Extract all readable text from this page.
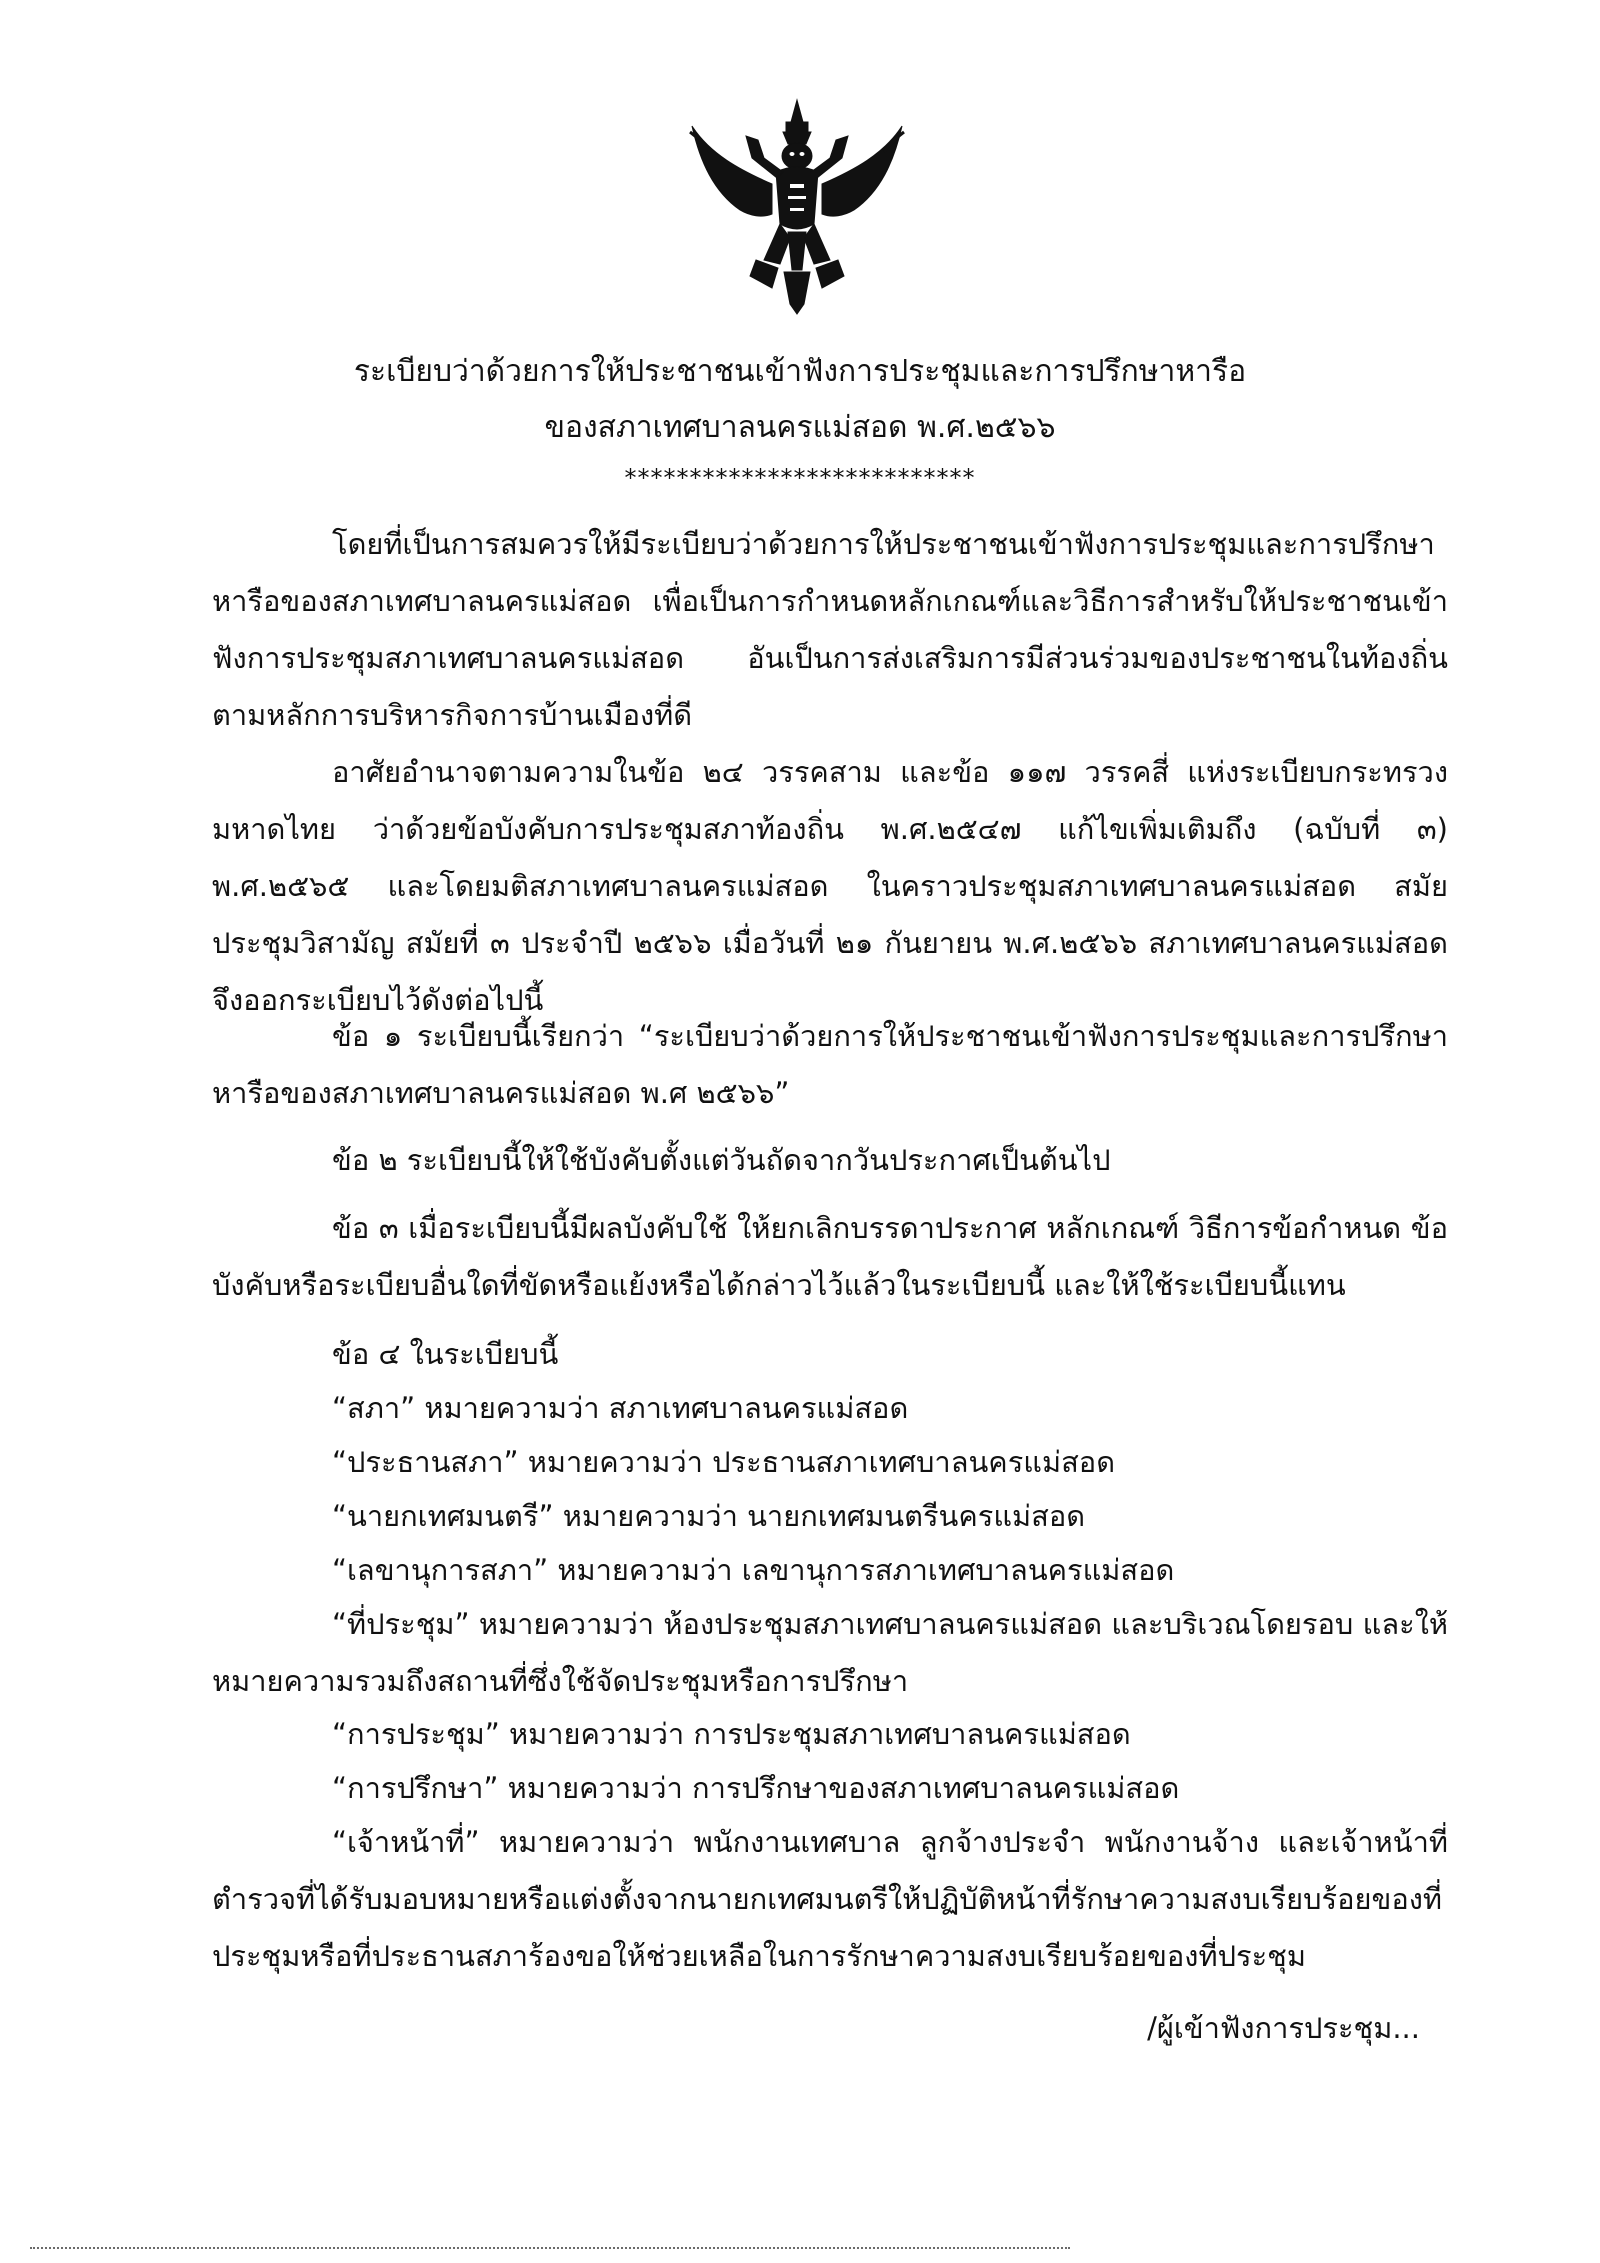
ระเบียบว่าด้วยการให้ประชาชนเข้าฟังการประชุมและการปรึกษาหารือ
ของสภาเทศบาลนครแม่สอด พ.ศ.๒๕๖๖
***************************

โดยที่เป็นการสมควรให้มีระเบียบว่าด้วยการให้ประชาชนเข้าฟังการประชุมและการปรึกษาหารือของสภาเทศบาลนครแม่สอด เพื่อเป็นการกำหนดหลักเกณฑ์และวิธีการสำหรับให้ประชาชนเข้าฟังการประชุมสภาเทศบาลนครแม่สอด อันเป็นการส่งเสริมการมีส่วนร่วมของประชาชนในท้องถิ่นตามหลักการบริหารกิจการบ้านเมืองที่ดี

อาศัยอำนาจตามความในข้อ ๒๔ วรรคสาม และข้อ ๑๑๗ วรรคสี่ แห่งระเบียบกระทรวงมหาดไทย ว่าด้วยข้อบังคับการประชุมสภาท้องถิ่น พ.ศ.๒๕๔๗ แก้ไขเพิ่มเติมถึง (ฉบับที่ ๓) พ.ศ.๒๕๖๕ และโดยมติสภาเทศบาลนครแม่สอด ในคราวประชุมสภาเทศบาลนครแม่สอด สมัยประชุมวิสามัญ สมัยที่ ๓ ประจำปี ๒๕๖๖ เมื่อวันที่ ๒๑ กันยายน พ.ศ.๒๕๖๖ สภาเทศบาลนครแม่สอดจึงออกระเบียบไว้ดังต่อไปนี้

ข้อ ๑ ระเบียบนี้เรียกว่า “ระเบียบว่าด้วยการให้ประชาชนเข้าฟังการประชุมและการปรึกษาหารือของสภาเทศบาลนครแม่สอด พ.ศ ๒๕๖๖”

ข้อ ๒ ระเบียบนี้ให้ใช้บังคับตั้งแต่วันถัดจากวันประกาศเป็นต้นไป

ข้อ ๓ เมื่อระเบียบนี้มีผลบังคับใช้ ให้ยกเลิกบรรดาประกาศ หลักเกณฑ์ วิธีการข้อกำหนด ข้อบังคับหรือระเบียบอื่นใดที่ขัดหรือแย้งหรือได้กล่าวไว้แล้วในระเบียบนี้ และให้ใช้ระเบียบนี้แทน

ข้อ ๔ ในระเบียบนี้

“สภา” หมายความว่า สภาเทศบาลนครแม่สอด

“ประธานสภา” หมายความว่า ประธานสภาเทศบาลนครแม่สอด

“นายกเทศมนตรี” หมายความว่า นายกเทศมนตรีนครแม่สอด

“เลขานุการสภา” หมายความว่า เลขานุการสภาเทศบาลนครแม่สอด

“ที่ประชุม” หมายความว่า ห้องประชุมสภาเทศบาลนครแม่สอด และบริเวณโดยรอบ และให้หมายความรวมถึงสถานที่ซึ่งใช้จัดประชุมหรือการปรึกษา

“การประชุม” หมายความว่า การประชุมสภาเทศบาลนครแม่สอด

“การปรึกษา” หมายความว่า การปรึกษาของสภาเทศบาลนครแม่สอด

“เจ้าหน้าที่” หมายความว่า พนักงานเทศบาล ลูกจ้างประจำ พนักงานจ้าง และเจ้าหน้าที่ตำรวจที่ได้รับมอบหมายหรือแต่งตั้งจากนายกเทศมนตรีให้ปฏิบัติหน้าที่รักษาความสงบเรียบร้อยของที่ประชุมหรือที่ประธานสภาร้องขอให้ช่วยเหลือในการรักษาความสงบเรียบร้อยของที่ประชุม

/ผู้เข้าฟังการประชุม...
